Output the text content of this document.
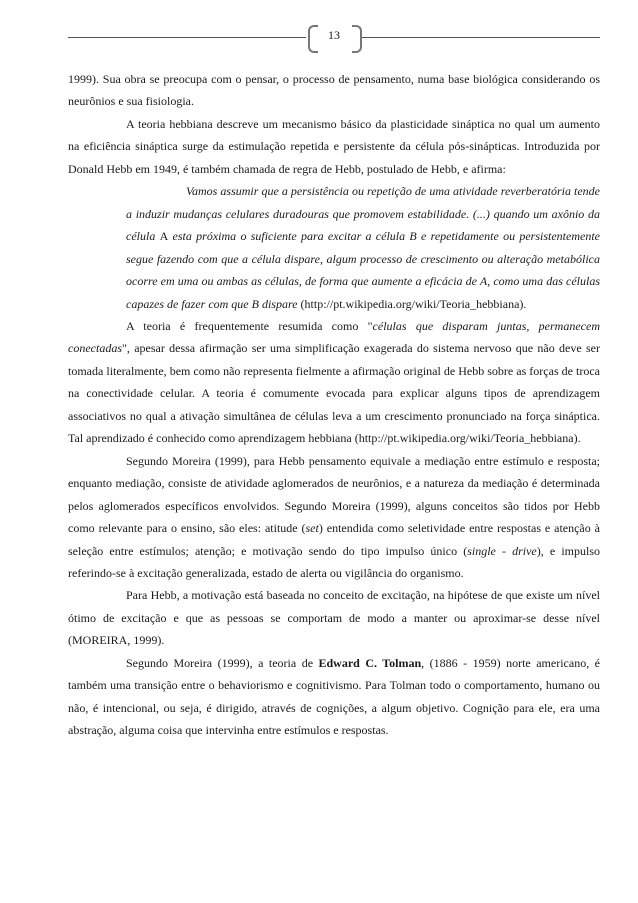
13

1999). Sua obra se preocupa com o pensar, o processo de pensamento, numa base biológica considerando os neurônios e sua fisiologia.

A teoria hebbiana descreve um mecanismo básico da plasticidade sináptica no qual um aumento na eficiência sináptica surge da estimulação repetida e persistente da célula pós-sinápticas. Introduzida por Donald Hebb em 1949, é também chamada de regra de Hebb, postulado de Hebb, e afirma:

Vamos assumir que a persistência ou repetição de uma atividade reverberatória tende a induzir mudanças celulares duradouras que promovem estabilidade. (...) quando um axônio da célula A esta próxima o suficiente para excitar a célula B e repetidamente ou persistentemente segue fazendo com que a célula dispare, algum processo de crescimento ou alteração metabólica ocorre em uma ou ambas as células, de forma que aumente a eficácia de A, como uma das células capazes de fazer com que B dispare (http://pt.wikipedia.org/wiki/Teoria_hebbiana).

A teoria é frequentemente resumida como "células que disparam juntas, permanecem conectadas", apesar dessa afirmação ser uma simplificação exagerada do sistema nervoso que não deve ser tomada literalmente, bem como não representa fielmente a afirmação original de Hebb sobre as forças de troca na conectividade celular. A teoria é comumente evocada para explicar alguns tipos de aprendizagem associativos no qual a ativação simultânea de células leva a um crescimento pronunciado na força sináptica. Tal aprendizado é conhecido como aprendizagem hebbiana (http://pt.wikipedia.org/wiki/Teoria_hebbiana).

Segundo Moreira (1999), para Hebb pensamento equivale a mediação entre estímulo e resposta; enquanto mediação, consiste de atividade aglomerados de neurônios, e a natureza da mediação é determinada pelos aglomerados específicos envolvidos. Segundo Moreira (1999), alguns conceitos são tidos por Hebb como relevante para o ensino, são eles: atitude (set) entendida como seletividade entre respostas e atenção à seleção entre estímulos; atenção; e motivação sendo do tipo impulso único (single - drive), e impulso referindo-se à excitação generalizada, estado de alerta ou vigilância do organismo.

Para Hebb, a motivação está baseada no conceito de excitação, na hipótese de que existe um nível ótimo de excitação e que as pessoas se comportam de modo a manter ou aproximar-se desse nível (MOREIRA, 1999).

Segundo Moreira (1999), a teoria de Edward C. Tolman, (1886 - 1959) norte americano, é também uma transição entre o behaviorismo e cognitivismo. Para Tolman todo o comportamento, humano ou não, é intencional, ou seja, é dirigido, através de cognições, a algum objetivo. Cognição para ele, era uma abstração, alguma coisa que intervinha entre estímulos e respostas.
